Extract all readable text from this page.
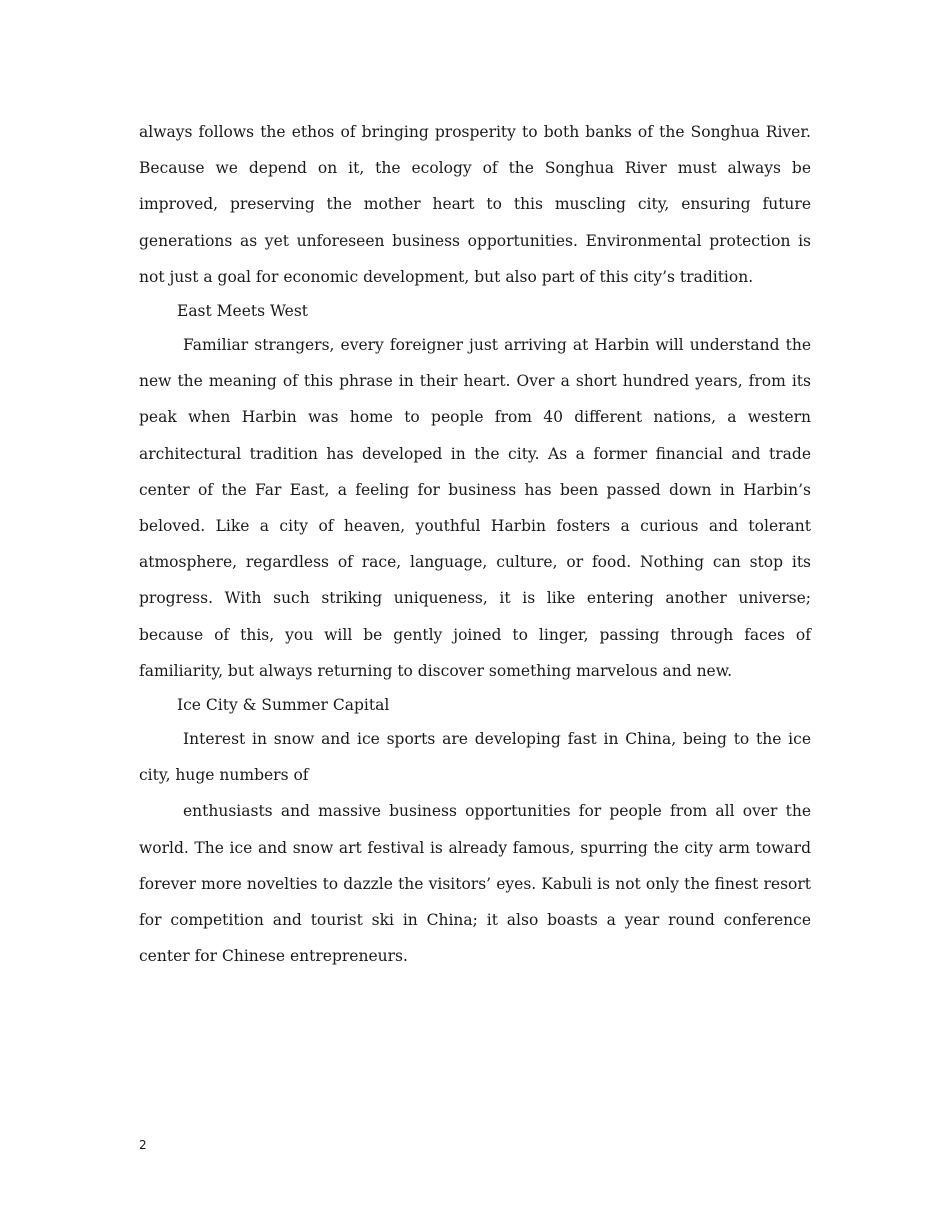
always follows the ethos of bringing prosperity to both banks of the Songhua River. Because we depend on it, the ecology of the Songhua River must always be improved, preserving the mother heart to this muscling city, ensuring future generations as yet unforeseen business opportunities. Environmental protection is not just a goal for economic development, but also part of this city’s tradition.

East Meets West

Familiar strangers, every foreigner just arriving at Harbin will understand the new the meaning of this phrase in their heart. Over a short hundred years, from its peak when Harbin was home to people from 40 different nations, a western architectural tradition has developed in the city. As a former financial and trade center of the Far East, a feeling for business has been passed down in Harbin’s beloved. Like a city of heaven, youthful Harbin fosters a curious and tolerant atmosphere, regardless of race, language, culture, or food. Nothing can stop its progress. With such striking uniqueness, it is like entering another universe; because of this, you will be gently joined to linger, passing through faces of familiarity, but always returning to discover something marvelous and new.

Ice City & Summer Capital

Interest in snow and ice sports are developing fast in China, being to the ice city, huge numbers of

enthusiasts and massive business opportunities for people from all over the world. The ice and snow art festival is already famous, spurring the city arm toward forever more novelties to dazzle the visitors’ eyes. Kabuli is not only the finest resort for competition and tourist ski in China; it also boasts a year round conference center for Chinese entrepreneurs.

2
